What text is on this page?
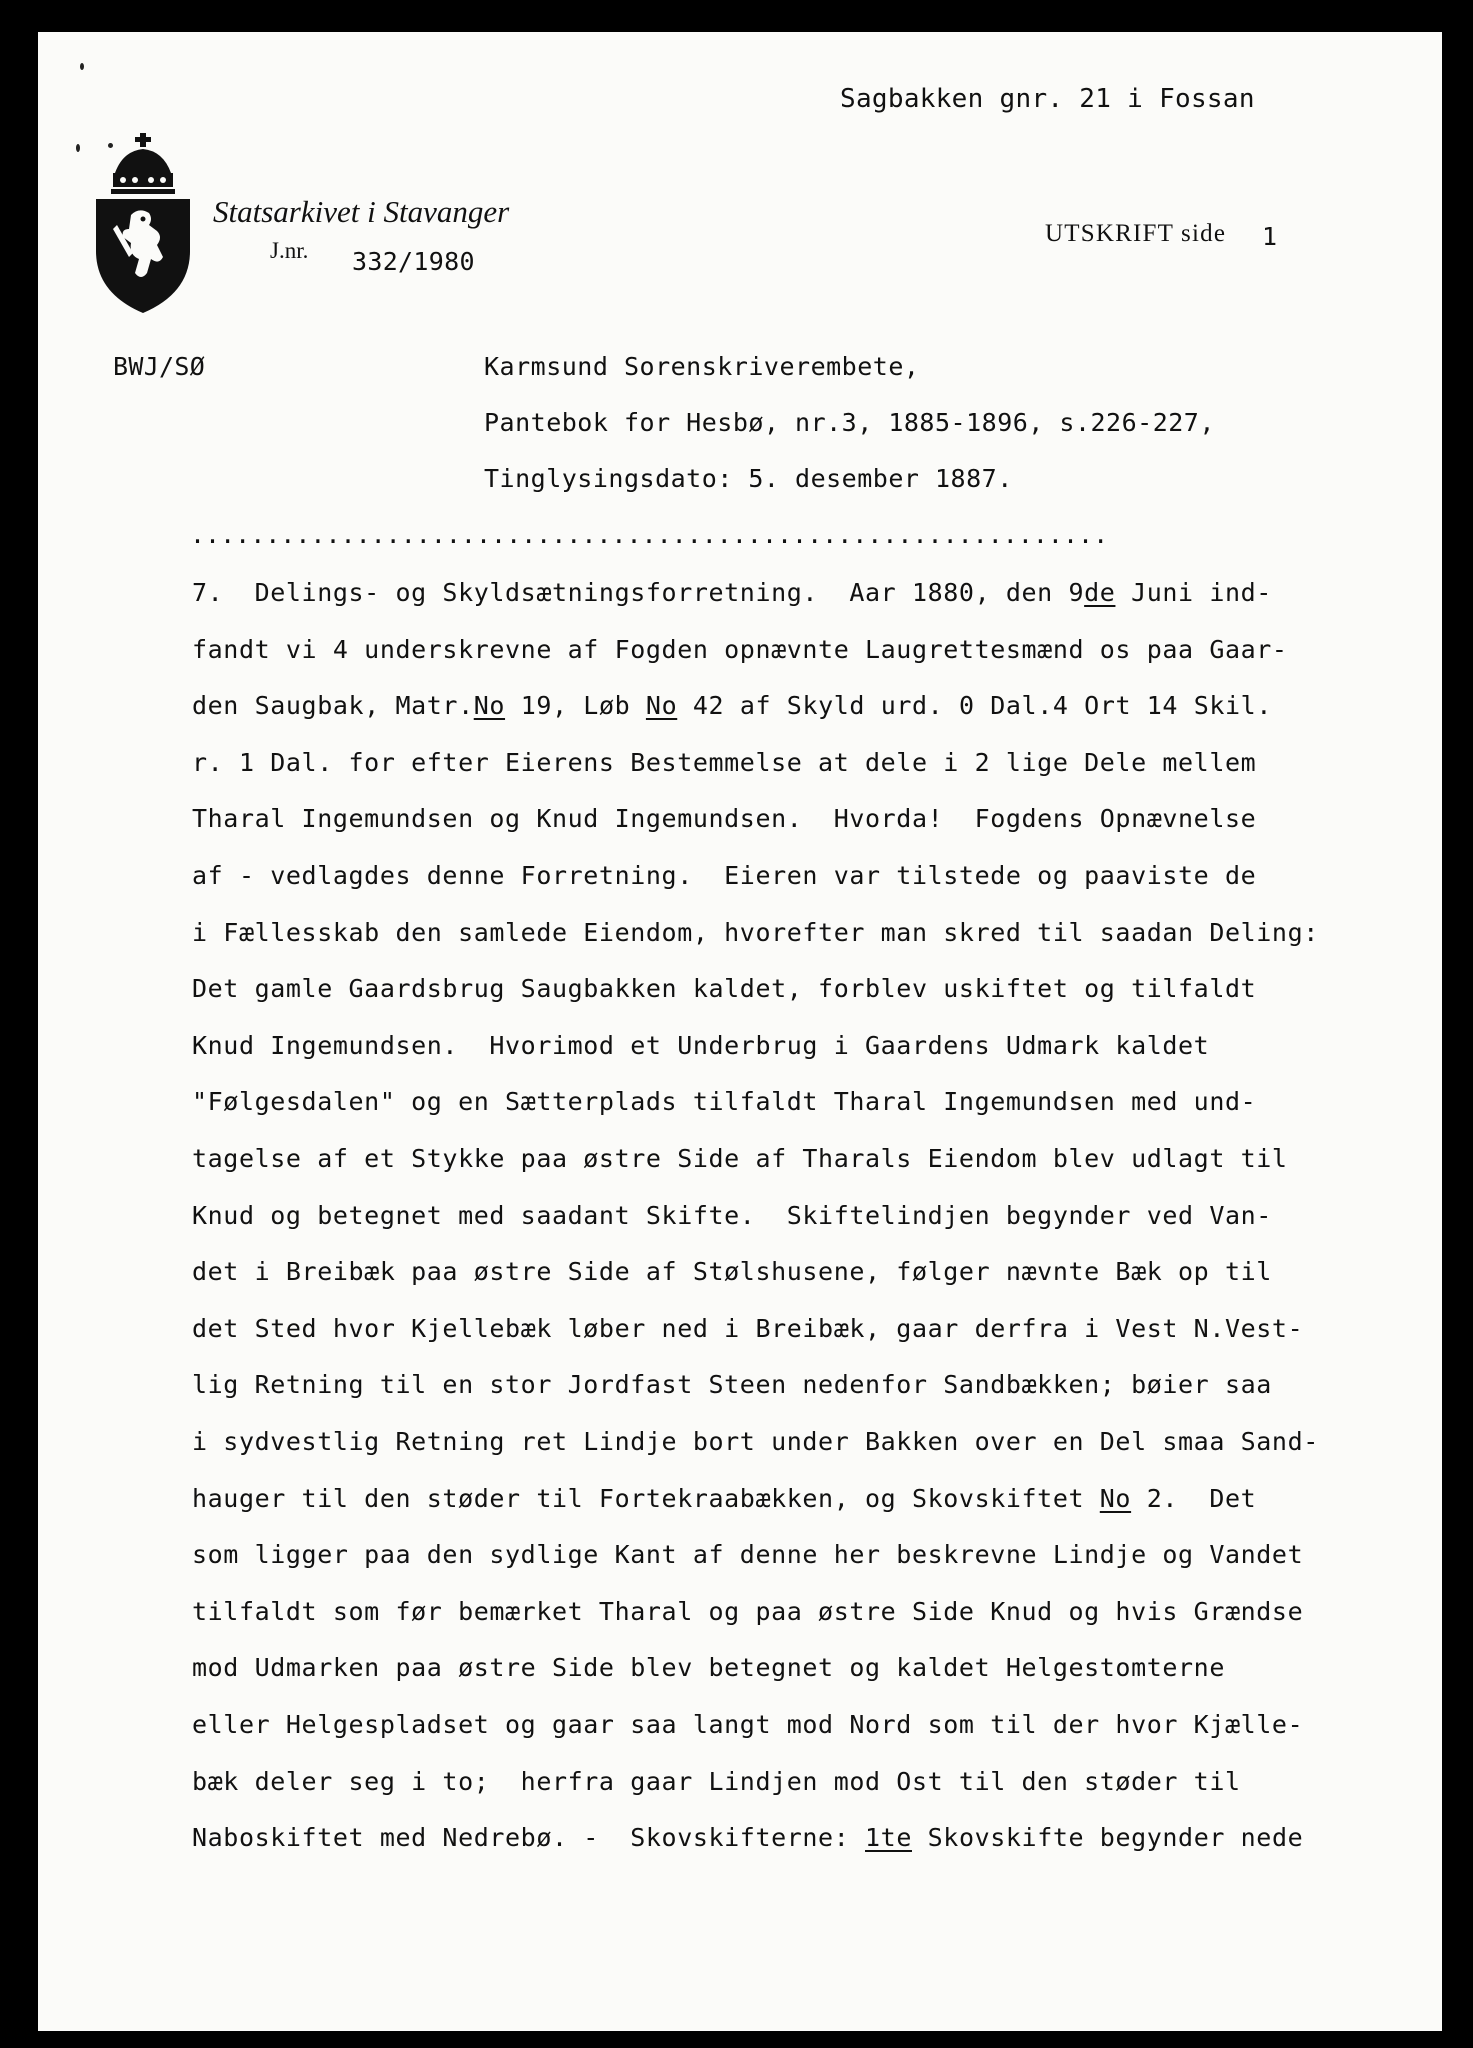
Sagbakken gnr. 21 i Fossan
Statsarkivet i Stavanger
J.nr. 332/1980
UTSKRIFT side 1
BWJ/SØ	Karmsund Sorenskriverembete,
Pantebok for Hesbø, nr.3, 1885-1896, s.226-227,
Tinglysingsdato: 5. desember 1887.
.............................................................
7.  Delings- og Skyldsætningsforretning.  Aar 1880, den 9de Juni ind-
fandt vi 4 underskrevne af Fogden opnævnte Laugrettesmænd os paa Gaar-
den Saugbak, Matr.No 19, Løb No 42 af Skyld urd. 0 Dal.4 Ort 14 Skil.
r. 1 Dal. for efter Eierens Bestemmelse at dele i 2 lige Dele mellem
Tharal Ingemundsen og Knud Ingemundsen.  Hvorda!  Fogdens Opnævnelse
af - vedlagdes denne Forretning.  Eieren var tilstede og paaviste de
i Fællesskab den samlede Eiendom, hvorefter man skred til saadan Deling:
Det gamle Gaardsbrug Saugbakken kaldet, forblev uskiftet og tilfaldt
Knud Ingemundsen.  Hvorimod et Underbrug i Gaardens Udmark kaldet
"Følgesdalen" og en Sætterplads tilfaldt Tharal Ingemundsen med und-
tagelse af et Stykke paa østre Side af Tharals Eiendom blev udlagt til
Knud og betegnet med saadant Skifte.  Skiftelindjen begynder ved Van-
det i Breibæk paa østre Side af Stølshusene, følger nævnte Bæk op til
det Sted hvor Kjellebæk løber ned i Breibæk, gaar derfra i Vest N.Vest-
lig Retning til en stor Jordfast Steen nedenfor Sandbækken; bøier saa
i sydvestlig Retning ret Lindje bort under Bakken over en Del smaa Sand-
hauger til den støder til Fortekraabækken, og Skovskiftet No 2.  Det
som ligger paa den sydlige Kant af denne her beskrevne Lindje og Vandet
tilfaldt som før bemærket Tharal og paa østre Side Knud og hvis Grændse
mod Udmarken paa østre Side blev betegnet og kaldet Helgestomterne
eller Helgespladset og gaar saa langt mod Nord som til der hvor Kjælle-
bæk deler seg i to;  herfra gaar Lindjen mod Ost til den støder til
Naboskiftet med Nedrebø. -  Skovskifterne: 1te Skovskifte begynder nede
